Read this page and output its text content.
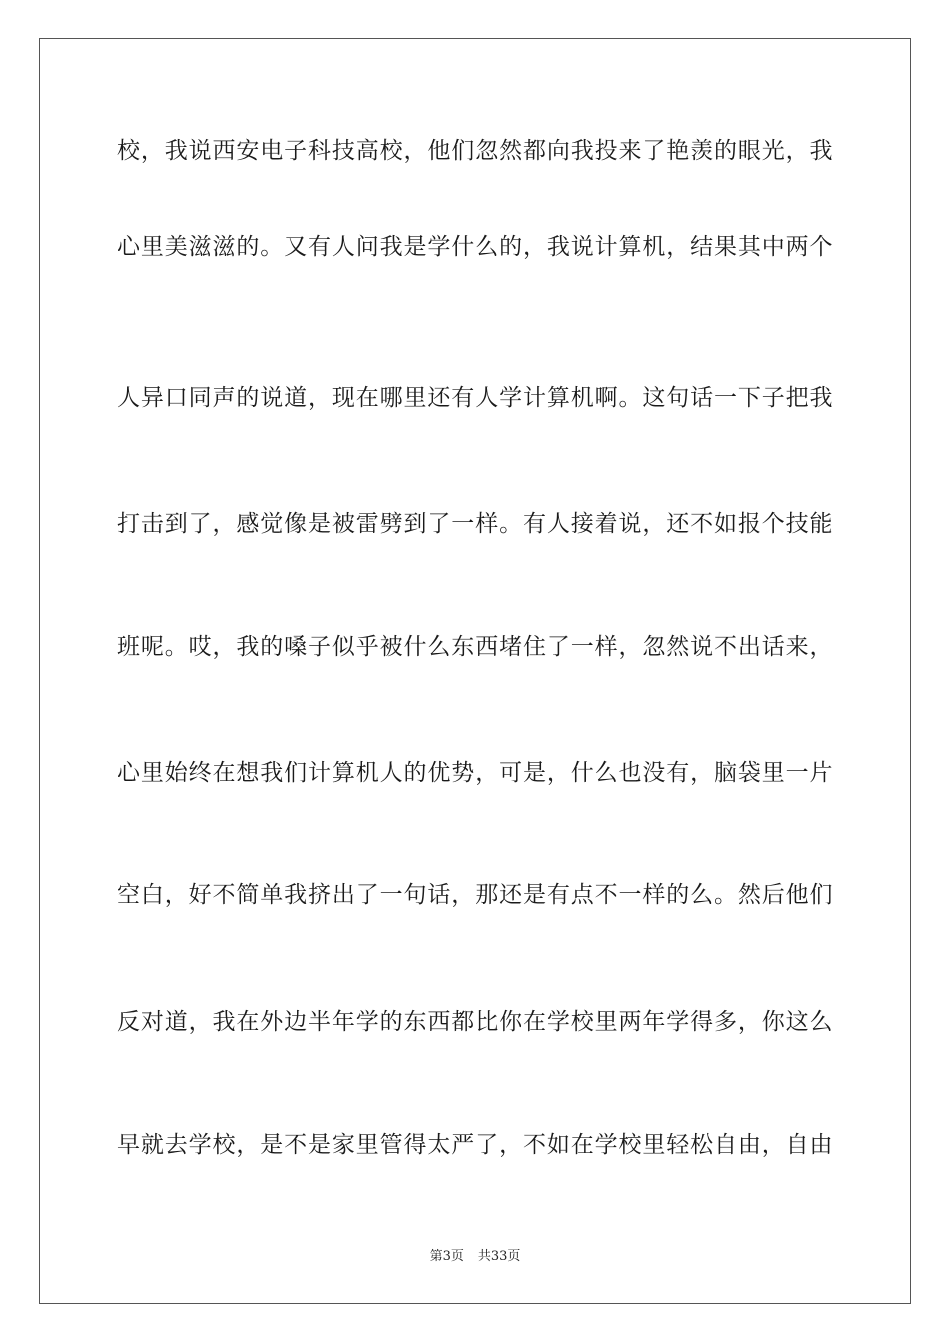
校，我说西安电子科技高校，他们忽然都向我投来了艳羡的眼光，我
心里美滋滋的。又有人问我是学什么的，我说计算机，结果其中两个
人异口同声的说道，现在哪里还有人学计算机啊。这句话一下子把我
打击到了，感觉像是被雷劈到了一样。有人接着说，还不如报个技能
班呢。哎，我的嗓子似乎被什么东西堵住了一样，忽然说不出话来，
心里始终在想我们计算机人的优势，可是，什么也没有，脑袋里一片
空白，好不简单我挤出了一句话，那还是有点不一样的么。然后他们
反对道，我在外边半年学的东西都比你在学校里两年学得多，你这么
早就去学校，是不是家里管得太严了，不如在学校里轻松自由，自由
第3页 共33页
